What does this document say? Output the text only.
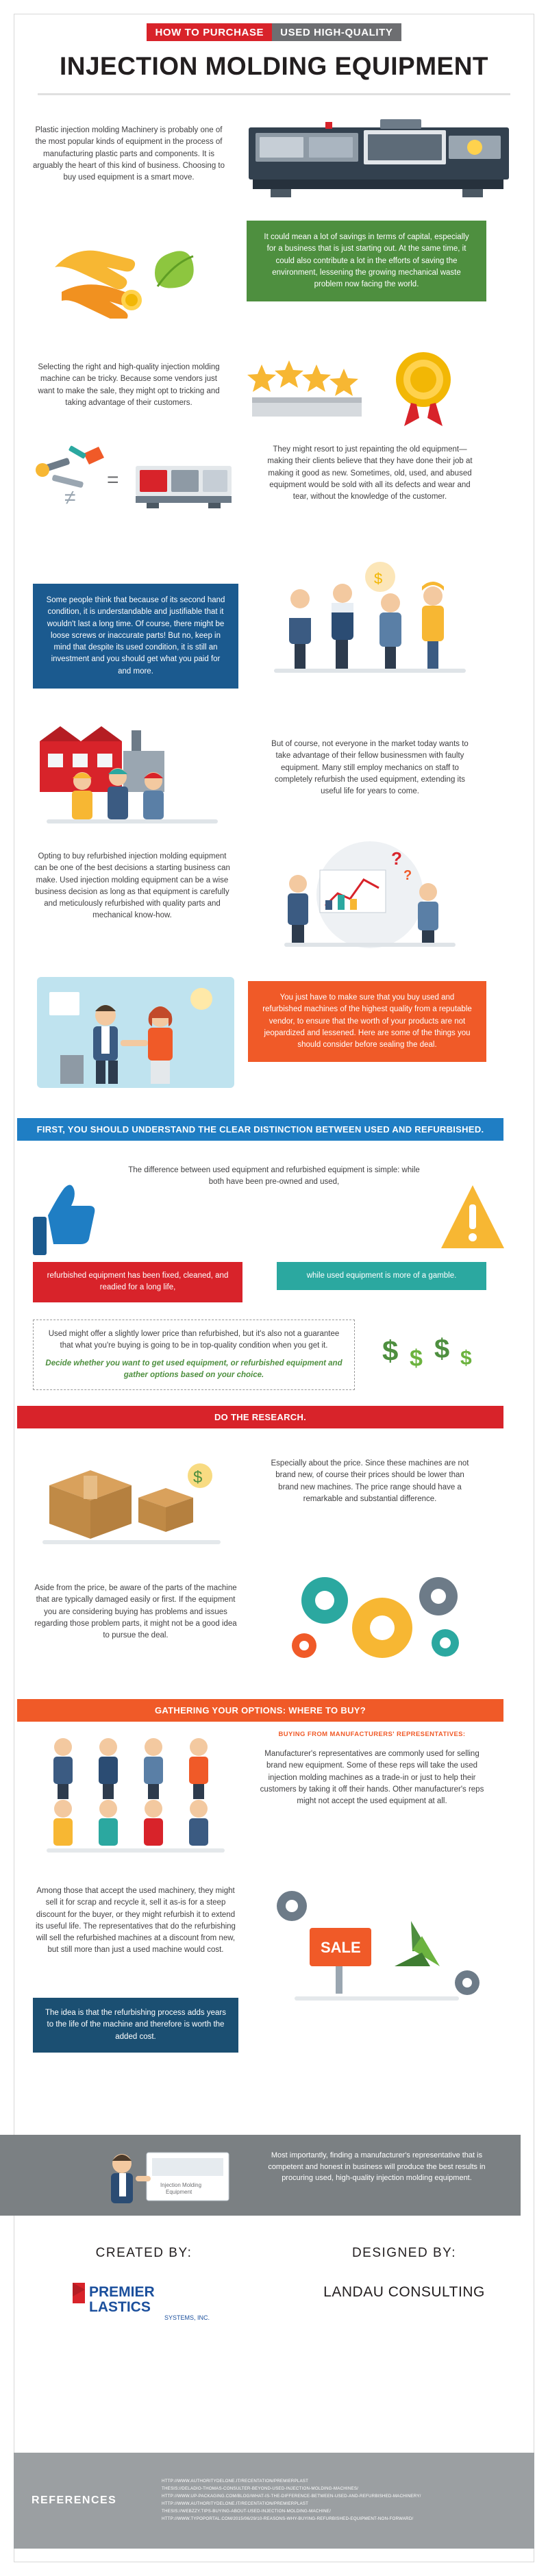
HOW TO PURCHASE USED HIGH-QUALITY
INJECTION MOLDING EQUIPMENT
Plastic injection molding Machinery is probably one of the most popular kinds of equipment in the process of manufacturing plastic parts and components. It is arguably the heart of this kind of business. Choosing to buy used equipment is a smart move.
It could mean a lot of savings in terms of capital, especially for a business that is just starting out. At the same time, it could also contribute a lot in the efforts of saving the environment, lessening the growing mechanical waste problem now facing the world.
Selecting the right and high-quality injection molding machine can be tricky. Because some vendors just want to make the sale, they might opt to tricking and taking advantage of their customers.
≠
=
They might resort to just repainting the old equipment—making their clients believe that they have done their job at making it good as new. Sometimes, old, used, and abused equipment would be sold with all its defects and wear and tear, without the knowledge of the customer.
Some people think that because of its second hand condition, it is understandable and justifiable that it wouldn't last a long time. Of course, there might be loose screws or inaccurate parts! But no, keep in mind that despite its used condition, it is still an investment and you should get what you paid for and more.
$
But of course, not everyone in the market today wants to take advantage of their fellow businessmen with faulty equipment. Many still employ mechanics on staff to completely refurbish the used equipment, extending its useful life for years to come.
Opting to buy refurbished injection molding equipment can be one of the best decisions a starting business can make. Used injection molding equipment can be a wise business decision as long as that equipment is carefully and meticulously refurbished with quality parts and mechanical know-how.
?
?
You just have to make sure that you buy used and refurbished machines of the highest quality from a reputable vendor, to ensure that the worth of your products are not jeopardized and lessened. Here are some of the things you should consider before sealing the deal.
FIRST, YOU SHOULD UNDERSTAND THE CLEAR DISTINCTION BETWEEN USED AND REFURBISHED.
The difference between used equipment and refurbished equipment is simple: while both have been pre-owned and used,
refurbished equipment has been fixed, cleaned, and readied for a long life,
while used equipment is more of a gamble.
Used might offer a slightly lower price than refurbished, but it's also not a guarantee that what you're buying is going to be in top-quality condition when you get it.
Decide whether you want to get used equipment, or refurbished equipment and gather options based on your choice.
$ $ $ $
DO THE RESEARCH.
$
Especially about the price. Since these machines are not brand new, of course their prices should be lower than brand new machines. The price range should have a remarkable and substantial difference.
Aside from the price, be aware of the parts of the machine that are typically damaged easily or first. If the equipment you are considering buying has problems and issues regarding those problem parts, it might not be a good idea to pursue the deal.
GATHERING YOUR OPTIONS: WHERE TO BUY?
BUYING FROM MANUFACTURERS' REPRESENTATIVES:
Manufacturer's representatives are commonly used for selling brand new equipment. Some of these reps will take the used injection molding machines as a trade-in or just to help their customers by taking it off their hands. Other manufacturer's reps might not accept the used equipment at all.
Among those that accept the used machinery, they might sell it for scrap and recycle it, sell it as-is for a steep discount for the buyer, or they might refurbish it to extend its useful life. The representatives that do the refurbishing will sell the refurbished machines at a discount from new, but still more than just a used machine would cost.	SALE
The idea is that the refurbishing process adds years to the life of the machine and therefore is worth the added cost.
Injection Molding
Equipment
Most importantly, finding a manufacturer's representative that is competent and honest in business will produce the best results in procuring used, high-quality injection molding equipment.
CREATED BY:
PREMIER
LASTICS
SYSTEMS, INC.
DESIGNED BY:
LANDAU CONSULTING
REFERENCES
HTTP://WWW.AUTHORITYDELONE.IT/RECENTATION/PREMIERPLAST
THESIS://DELADIO-THOMAS-CONSULTER-BEYOND-USED-INJECTION-MOLDING-MACHINES/
HTTP://WWW.UP-PACKAGING.COM/BLOG/WHAT-IS-THE-DIFFERENCE-BETWEEN-USED-AND-REFURBISHED-MACHINERY/
HTTP://WWW.AUTHORITYDELONE.IT/RECENTATION/PREMIERPLAST
THESIS://WEBZZY.TIPS-BUYING-ABOUT-USED-INJECTION-MOLDING-MACHINE/
HTTP://WWW.TYPOPORTAL.COM/2015/06/29/10-REASONS-WHY-BUYING-REFURBISHED-EQUIPMENT-NON-FORWARD/
